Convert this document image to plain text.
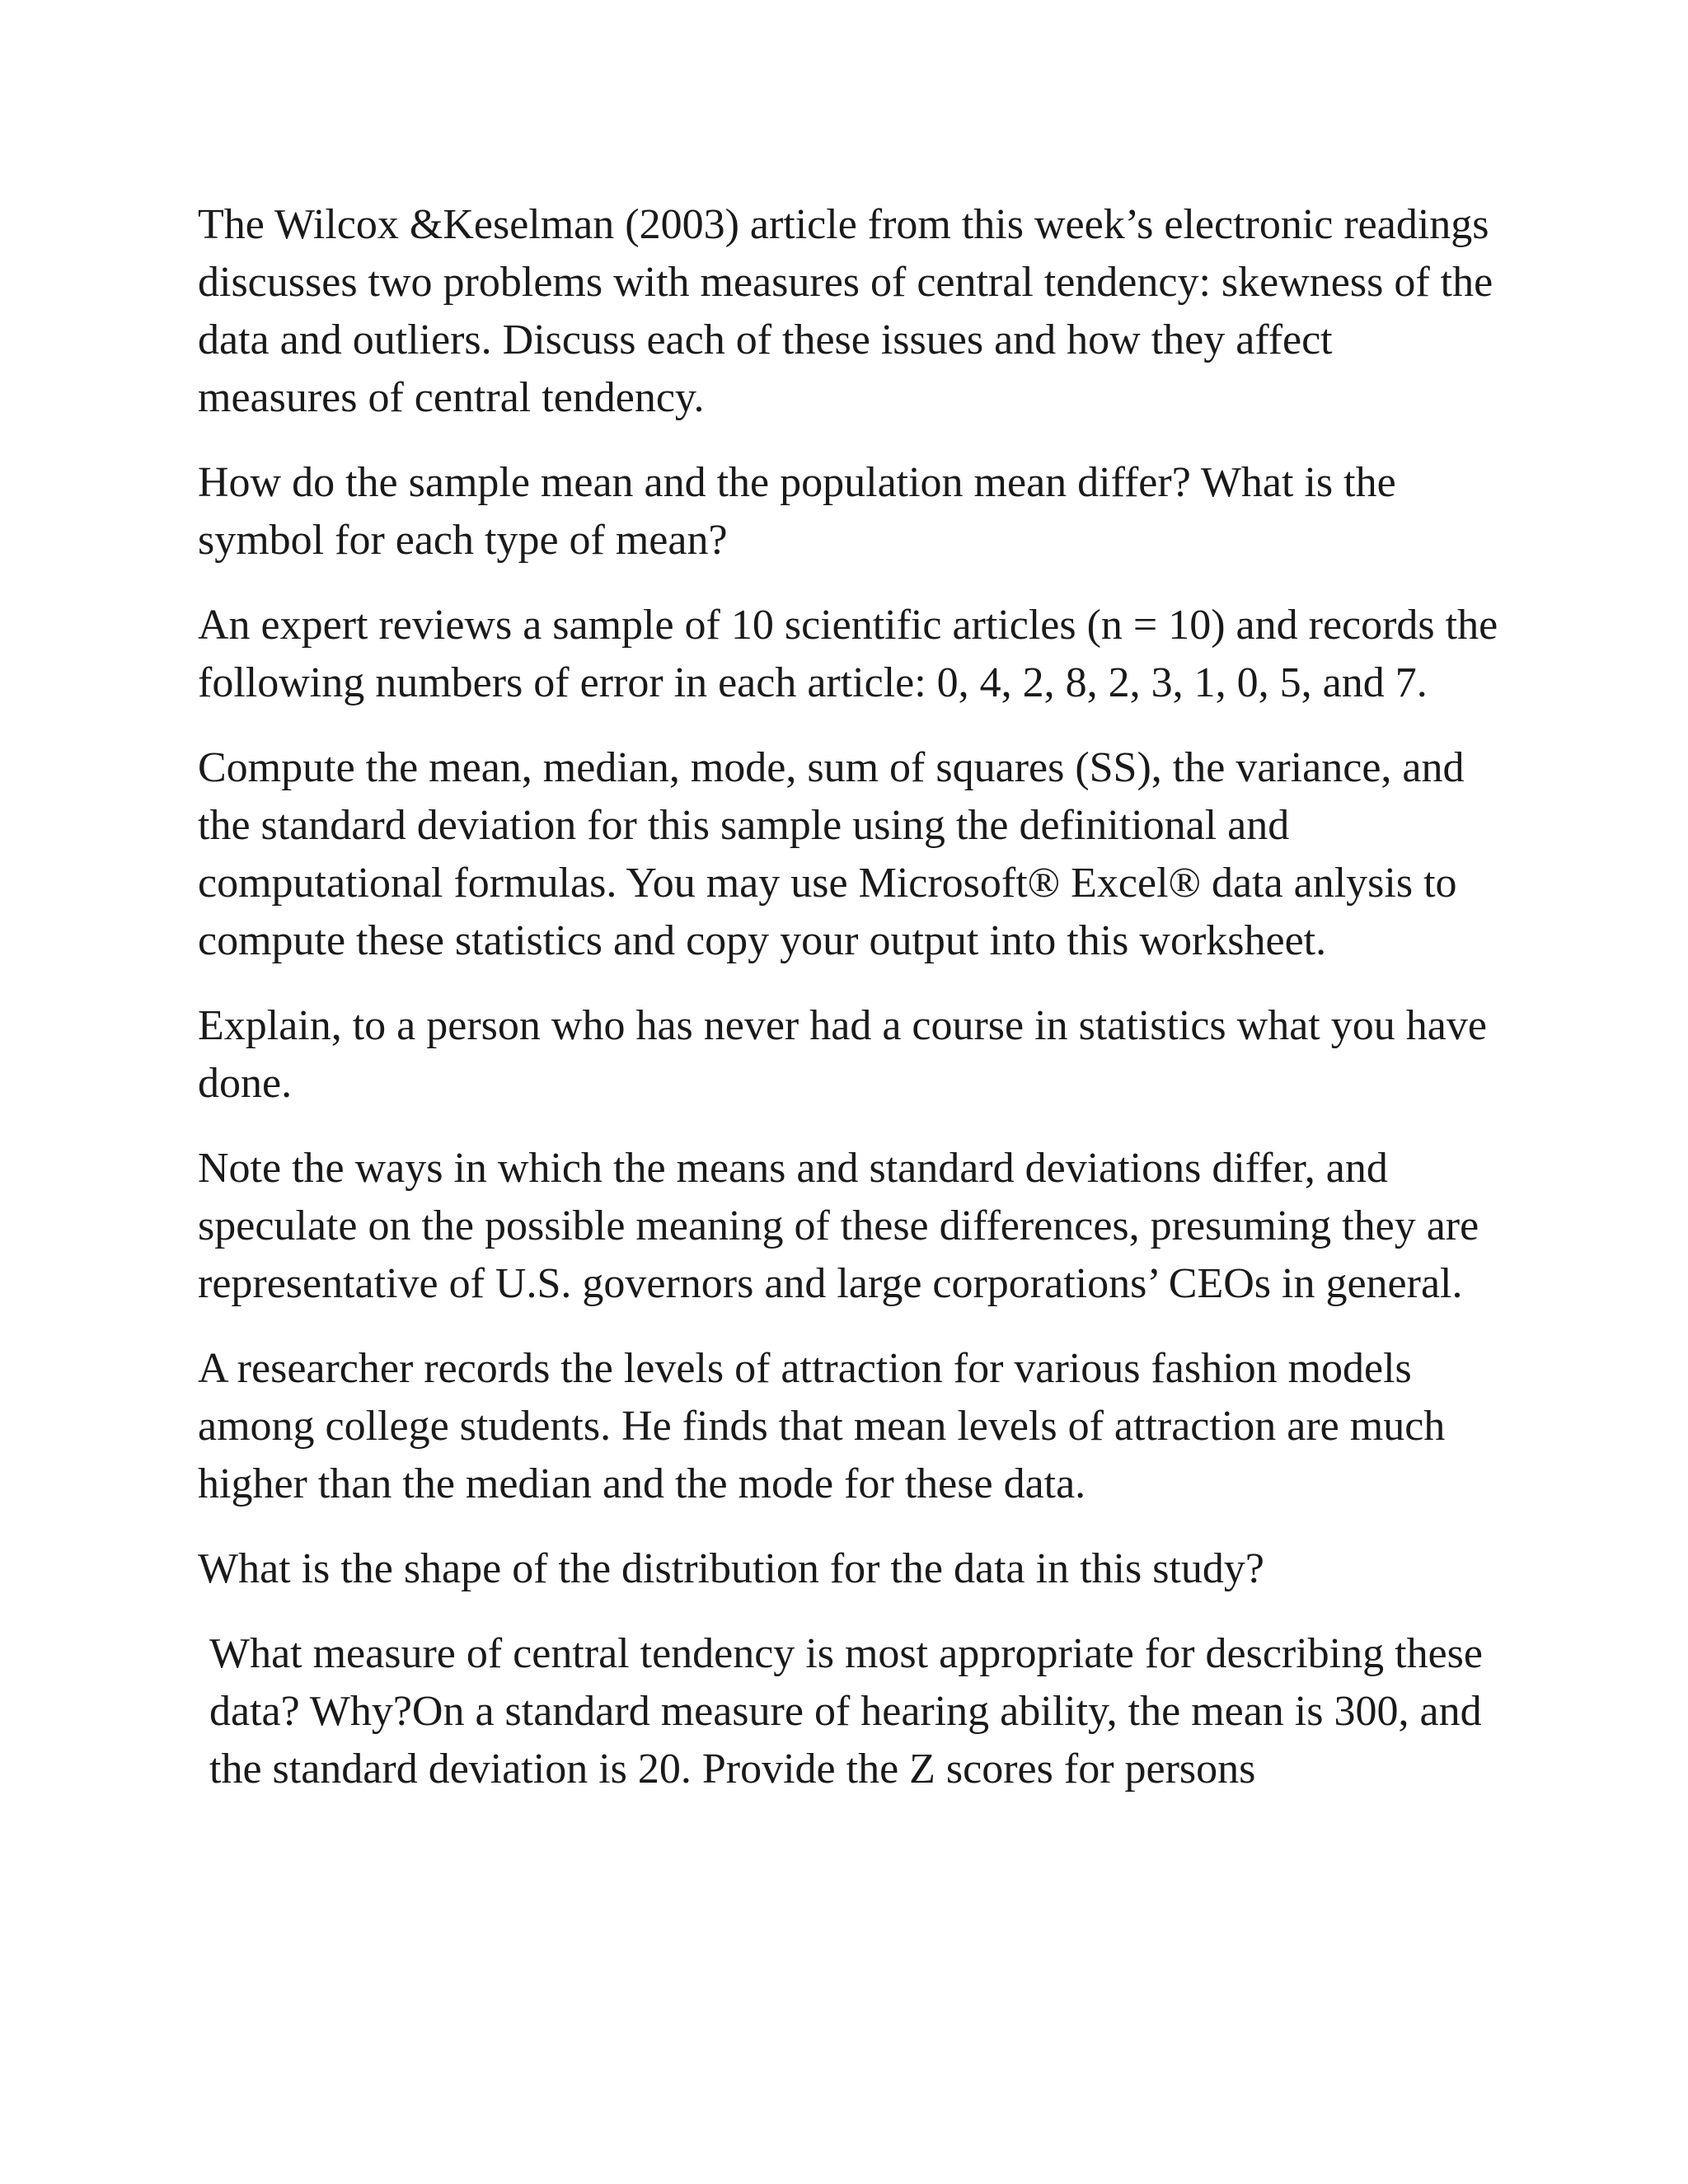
The Wilcox &Keselman (2003) article from this week’s electronic readings discusses two problems with measures of central tendency: skewness of the data and outliers. Discuss each of these issues and how they affect measures of central tendency.

How do the sample mean and the population mean differ? What is the symbol for each type of mean?

An expert reviews a sample of 10 scientific articles (n = 10) and records the following numbers of error in each article: 0, 4, 2, 8, 2, 3, 1, 0, 5, and 7.

Compute the mean, median, mode, sum of squares (SS), the variance, and the standard deviation for this sample using the definitional and computational formulas. You may use Microsoft® Excel® data anlysis to compute these statistics and copy your output into this worksheet.

Explain, to a person who has never had a course in statistics what you have done.

Note the ways in which the means and standard deviations differ, and speculate on the possible meaning of these differences, presuming they are representative of U.S. governors and large corporations’ CEOs in general.

A researcher records the levels of attraction for various fashion models among college students. He finds that mean levels of attraction are much higher than the median and the mode for these data.

What is the shape of the distribution for the data in this study?

What measure of central tendency is most appropriate for describing these data? Why?On a standard measure of hearing ability, the mean is 300, and the standard deviation is 20. Provide the Z scores for persons
